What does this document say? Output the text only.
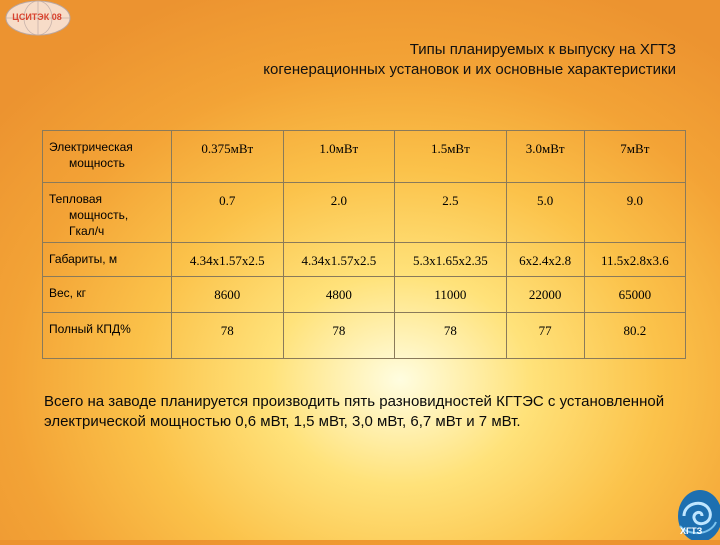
ЦСИТЭК 08
Типы планируемых к выпуску на ХГТЗ
когенерационных установок и их основные характеристики
Электрическая
мощность	0.375мВт	1.0мВт	1.5мВт	3.0мВт	7мВт

Тепловая
мощность,
Гкал/ч	0.7	2.0	2.5	5.0	9.0

Габариты, м	4.34х1.57х2.5	4.34х1.57х2.5	5.3х1.65х2.35	6х2.4х2.8	11.5х2.8х3.6

Вес, кг	8600	4800	11000	22000	65000

Полный КПД%	78	78	78	77	80.2
Всего на заводе планируется производить пять разновидностей КГТЭС с установленной электрической мощностью 0,6 мВт, 1,5 мВт, 3,0 мВт, 6,7 мВт и 7 мВт.
ХГТЗ
